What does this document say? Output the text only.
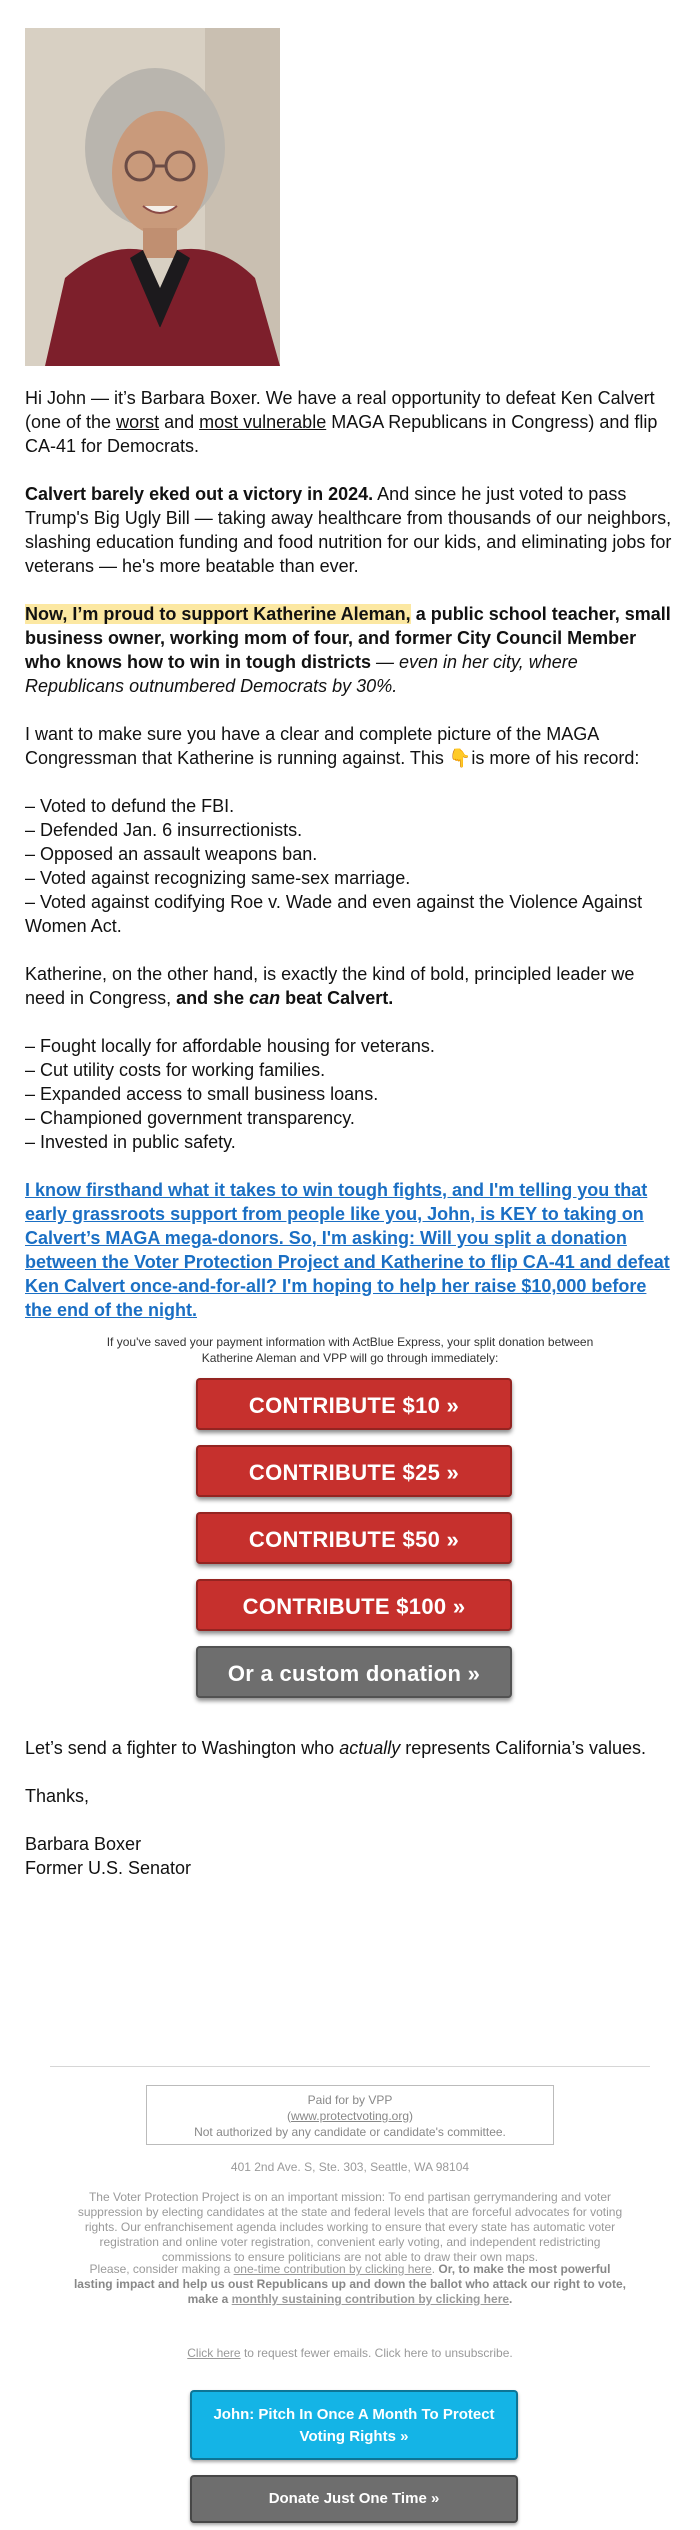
Hi John — it’s Barbara Boxer. We have a real opportunity to defeat Ken Calvert (one of the worst and most vulnerable MAGA Republicans in Congress) and flip CA-41 for Democrats.

Calvert barely eked out a victory in 2024. And since he just voted to pass Trump's Big Ugly Bill — taking away healthcare from thousands of our neighbors, slashing education funding and food nutrition for our kids, and eliminating jobs for veterans — he's more beatable than ever.

Now, I’m proud to support Katherine Aleman, a public school teacher, small business owner, working mom of four, and former City Council Member who knows how to win in tough districts — even in her city, where Republicans outnumbered Democrats by 30%.

I want to make sure you have a clear and complete picture of the MAGA Congressman that Katherine is running against. This 👇is more of his record:

– Voted to defund the FBI.

– Defended Jan. 6 insurrectionists.

– Opposed an assault weapons ban.

– Voted against recognizing same-sex marriage.

– Voted against codifying Roe v. Wade and even against the Violence Against Women Act.

Katherine, on the other hand, is exactly the kind of bold, principled leader we need in Congress, and she can beat Calvert.

– Fought locally for affordable housing for veterans.

– Cut utility costs for working families.

– Expanded access to small business loans.

– Championed government transparency.

– Invested in public safety.

I know firsthand what it takes to win tough fights, and I'm telling you that early grassroots support from people like you, John, is KEY to taking on Calvert’s MAGA mega-donors. So, I'm asking: Will you split a donation between the Voter Protection Project and Katherine to flip CA-41 and defeat Ken Calvert once-and-for-all? I'm hoping to help her raise $10,000 before the end of the night.

If you've saved your payment information with ActBlue Express, your split donation between Katherine Aleman and VPP will go through immediately:
CONTRIBUTE $10 »
CONTRIBUTE $25 »
CONTRIBUTE $50 »
CONTRIBUTE $100 »
Or a custom donation »

Let’s send a fighter to Washington who actually represents California’s values.

Thanks,
Barbara Boxer
Former U.S. Senator
Paid for by VPP
(www.protectvoting.org)
Not authorized by any candidate or candidate's committee.
401 2nd Ave. S, Ste. 303, Seattle, WA 98104
The Voter Protection Project is on an important mission: To end partisan gerrymandering and voter suppression by electing candidates at the state and federal levels that are forceful advocates for voting rights. Our enfranchisement agenda includes working to ensure that every state has automatic voter registration and online voter registration, convenient early voting, and independent redistricting commissions to ensure politicians are not able to draw their own maps.
Please, consider making a one-time contribution by clicking here. Or, to make the most powerful lasting impact and help us oust Republicans up and down the ballot who attack our right to vote, make a monthly sustaining contribution by clicking here.
Click here to request fewer emails. Click here to unsubscribe.
John: Pitch In Once A Month To Protect
Voting Rights »
Donate Just One Time »
